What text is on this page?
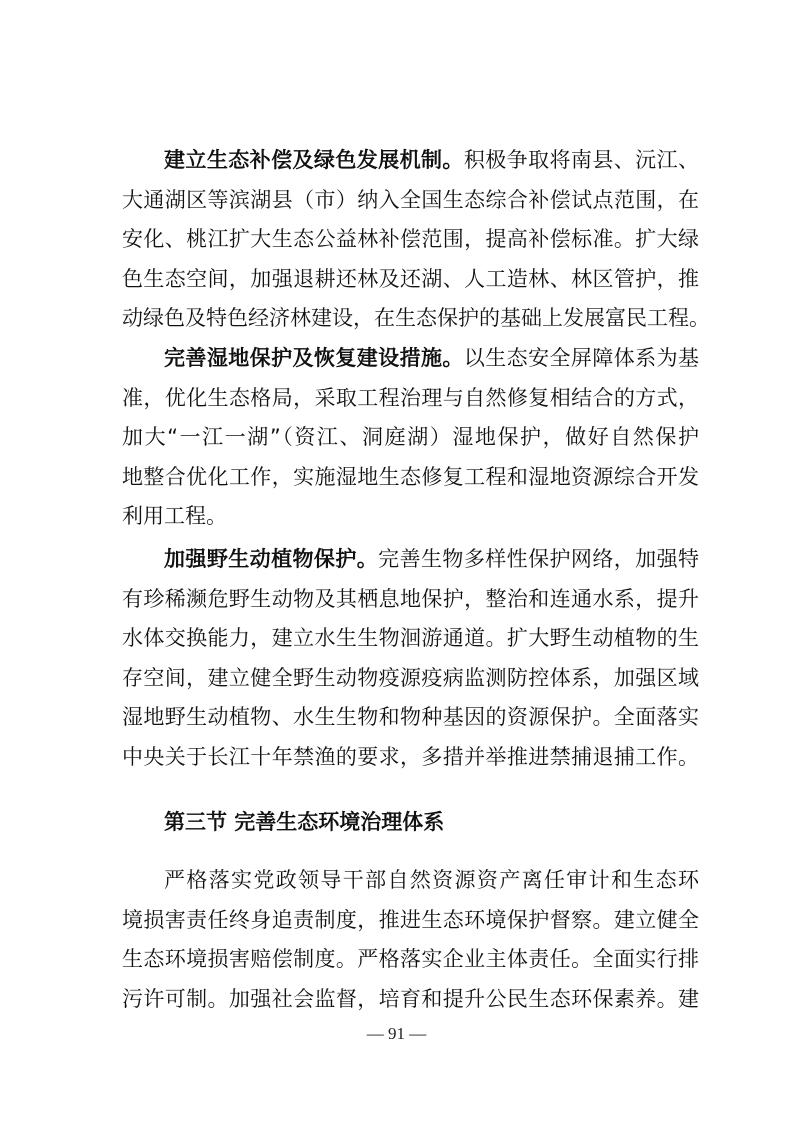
建立生态补偿及绿色发展机制。积极争取将南县、沅江、
大通湖区等滨湖县（市）纳入全国生态综合补偿试点范围，在
安化、桃江扩大生态公益林补偿范围，提高补偿标准。扩大绿
色生态空间，加强退耕还林及还湖、人工造林、林区管护，推
动绿色及特色经济林建设，在生态保护的基础上发展富民工程。
完善湿地保护及恢复建设措施。以生态安全屏障体系为基
准，优化生态格局，采取工程治理与自然修复相结合的方式，
加大“一江一湖”（资江、洞庭湖）湿地保护，做好自然保护
地整合优化工作，实施湿地生态修复工程和湿地资源综合开发
利用工程。
加强野生动植物保护。完善生物多样性保护网络，加强特
有珍稀濒危野生动物及其栖息地保护，整治和连通水系，提升
水体交换能力，建立水生生物洄游通道。扩大野生动植物的生
存空间，建立健全野生动物疫源疫病监测防控体系，加强区域
湿地野生动植物、水生生物和物种基因的资源保护。全面落实
中央关于长江十年禁渔的要求，多措并举推进禁捕退捕工作。
第三节 完善生态环境治理体系
严格落实党政领导干部自然资源资产离任审计和生态环
境损害责任终身追责制度，推进生态环境保护督察。建立健全
生态环境损害赔偿制度。严格落实企业主体责任。全面实行排
污许可制。加强社会监督，培育和提升公民生态环保素养。建
— 91 —
